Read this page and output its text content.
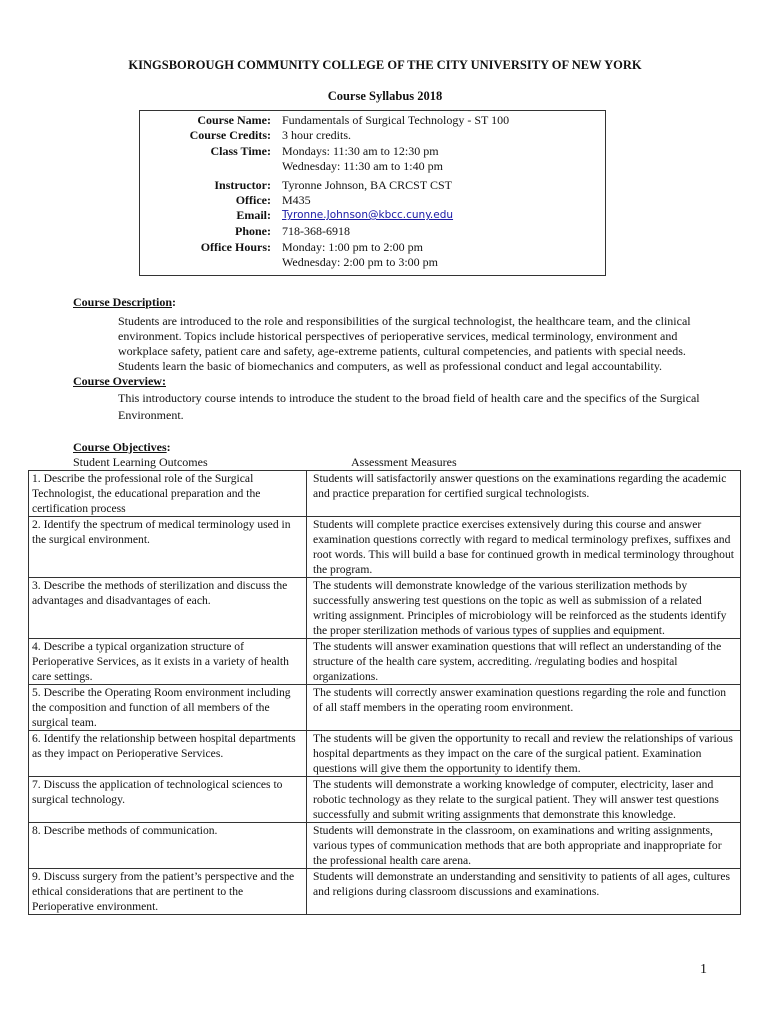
KINGSBOROUGH COMMUNITY COLLEGE OF THE CITY UNIVERSITY OF NEW YORK
Course Syllabus 2018
Course Name: Fundamentals of Surgical Technology - ST 100
Course Credits: 3 hour credits.
Class Time: Mondays: 11:30 am to 12:30 pm
Wednesday: 11:30 am to 1:40 pm
Instructor: Tyronne Johnson, BA CRCST CST
Office: M435
Email: Tyronne.Johnson@kbcc.cuny.edu
Phone: 718-368-6918
Office Hours: Monday: 1:00 pm to 2:00 pm
Wednesday: 2:00 pm to 3:00 pm
Course Description:
Students are introduced to the role and responsibilities of the surgical technologist, the healthcare team, and the clinical environment. Topics include historical perspectives of perioperative services, medical terminology, environment and workplace safety, patient care and safety, age-extreme patients, cultural competencies, and patients with special needs. Students learn the basic of biomechanics and computers, as well as professional conduct and legal accountability.
Course Overview:
This introductory course intends to introduce the student to the broad field of health care and the specifics of the Surgical Environment.
Course Objectives:
Student Learning Outcomes	Assessment Measures
1. Describe the professional role of the Surgical Technologist, the educational preparation and the certification process	Students will satisfactorily answer questions on the examinations regarding the academic and practice preparation for certified surgical technologists.
2. Identify the spectrum of medical terminology used in the surgical environment.	Students will complete practice exercises extensively during this course and answer examination questions correctly with regard to medical terminology prefixes, suffixes and root words. This will build a base for continued growth in medical terminology throughout the program.
3. Describe the methods of sterilization and discuss the advantages and disadvantages of each.	The students will demonstrate knowledge of the various sterilization methods by successfully answering test questions on the topic as well as submission of a related writing assignment. Principles of microbiology will be reinforced as the students identify the proper sterilization methods of various types of supplies and equipment.
4. Describe a typical organization structure of Perioperative Services, as it exists in a variety of health care settings.	The students will answer examination questions that will reflect an understanding of the structure of the health care system, accrediting. /regulating bodies and hospital organizations.
5. Describe the Operating Room environment including the composition and function of all members of the surgical team.	The students will correctly answer examination questions regarding the role and function of all staff members in the operating room environment.
6. Identify the relationship between hospital departments as they impact on Perioperative Services.	The students will be given the opportunity to recall and review the relationships of various hospital departments as they impact on the care of the surgical patient. Examination questions will give them the opportunity to identify them.
7. Discuss the application of technological sciences to surgical technology.	The students will demonstrate a working knowledge of computer, electricity, laser and robotic technology as they relate to the surgical patient. They will answer test questions successfully and submit writing assignments that demonstrate this knowledge.
8. Describe methods of communication.	Students will demonstrate in the classroom, on examinations and writing assignments, various types of communication methods that are both appropriate and inappropriate for the professional health care arena.
9. Discuss surgery from the patient’s perspective and the ethical considerations that are pertinent to the Perioperative environment.	Students will demonstrate an understanding and sensitivity to patients of all ages, cultures and religions during classroom discussions and examinations.
1
